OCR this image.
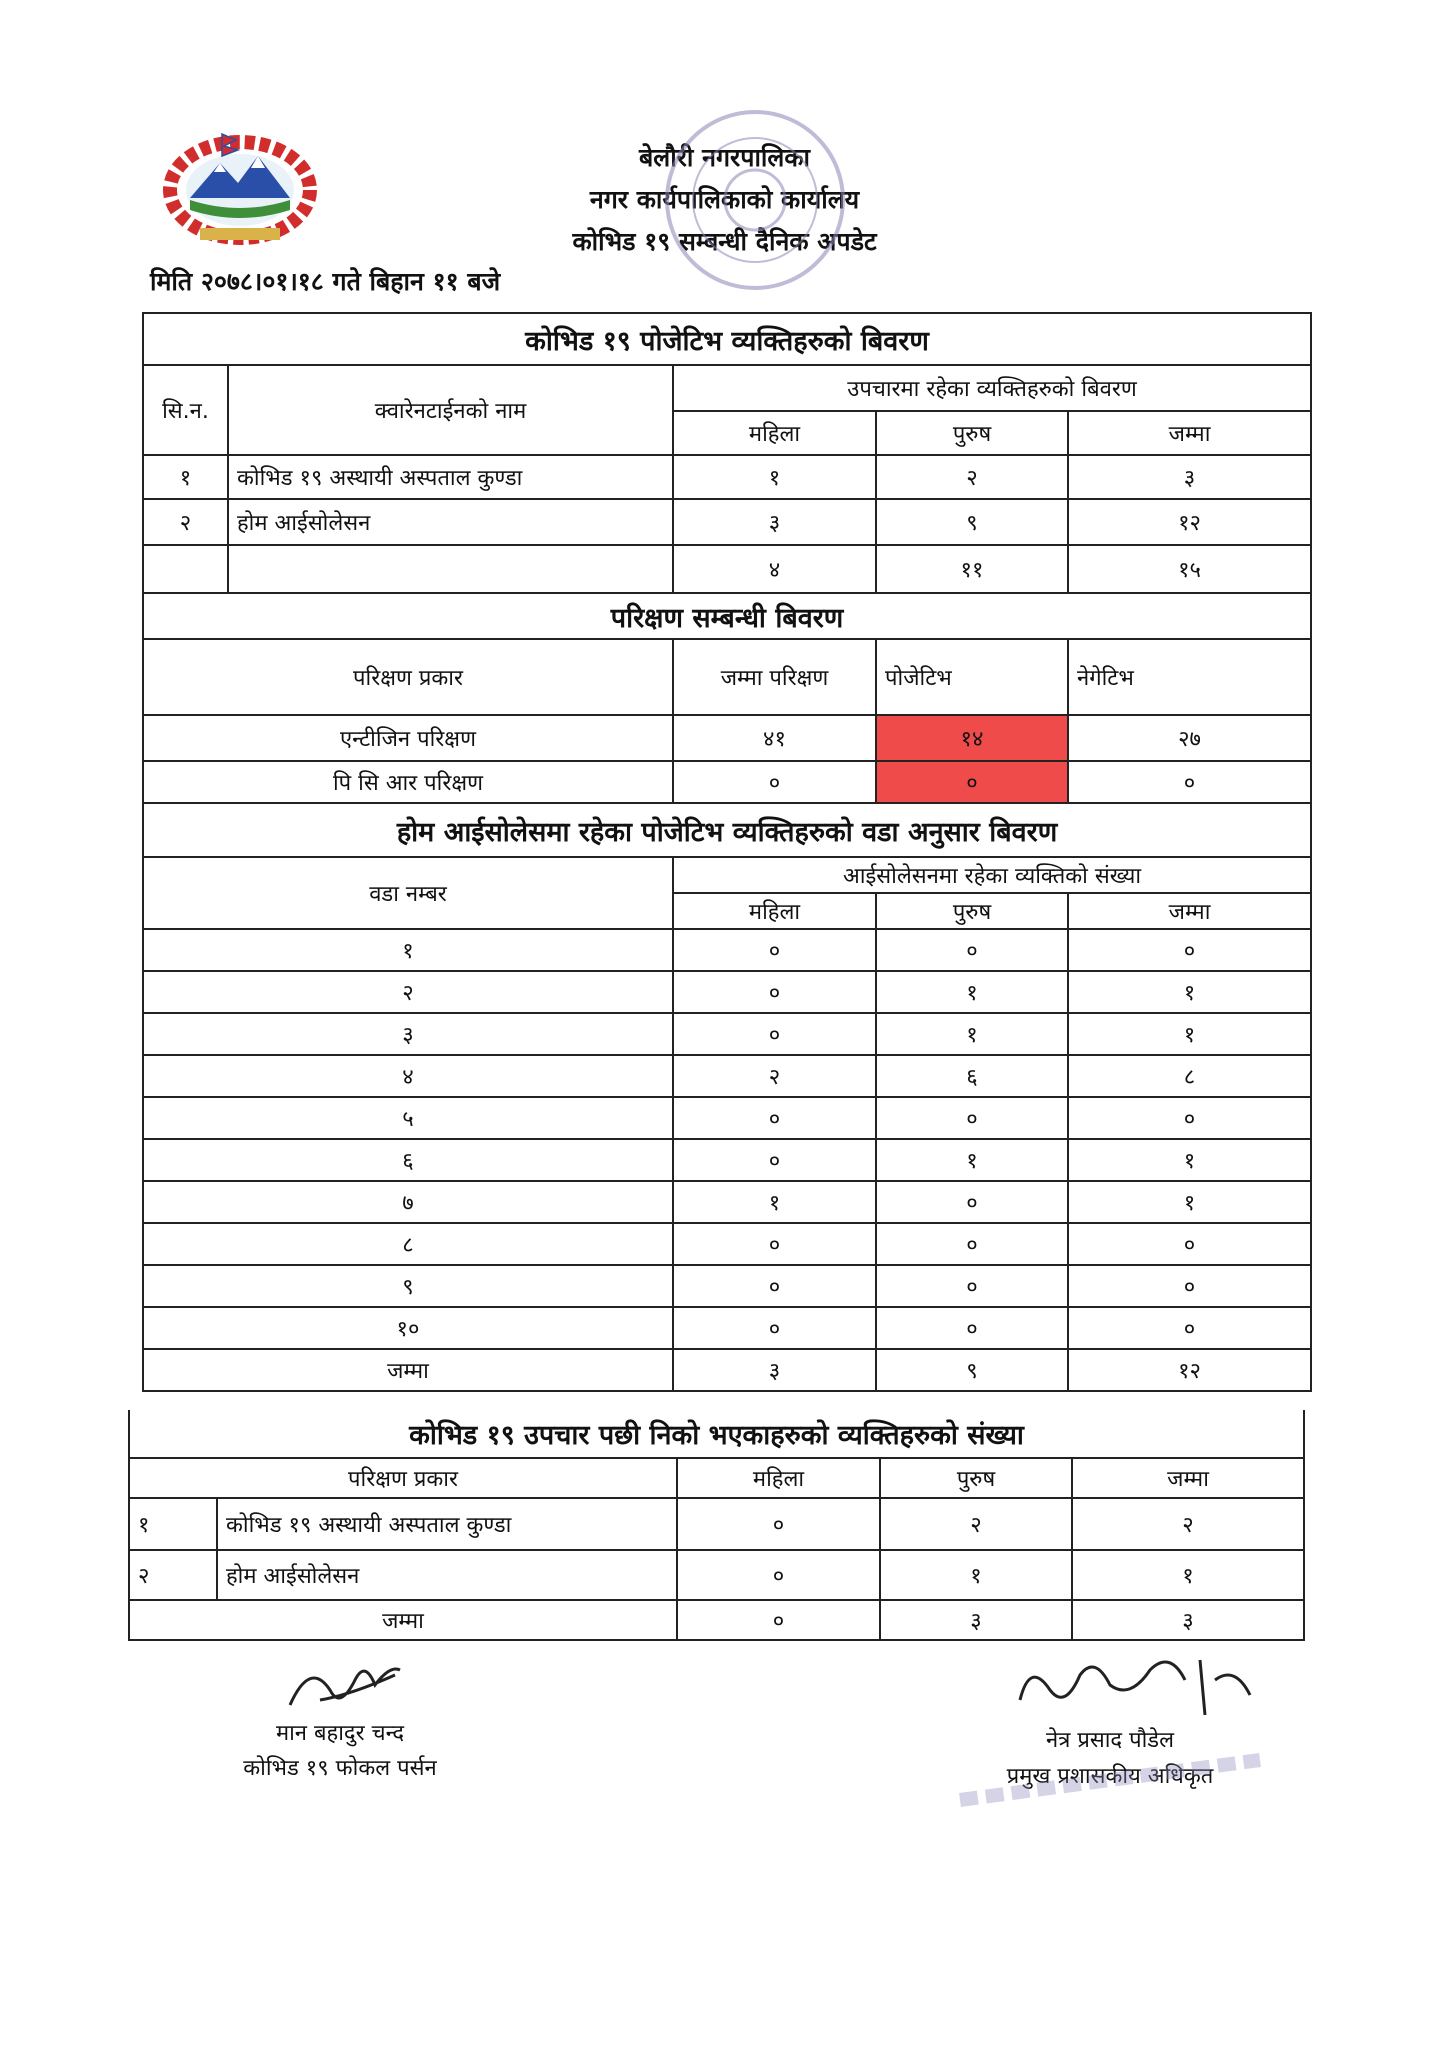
बेलौरी नगरपालिका
नगर कार्यपालिकाको कार्यालय
कोभिड १९ सम्बन्धी दैनिक अपडेट
मिति २०७८।०१।१८ गते बिहान ११ बजे
कोभिड १९ पोजेटिभ व्यक्तिहरुको बिवरण				
सि.न.	क्वारेनटाईनको नाम	उपचारमा रहेका व्यक्तिहरुको बिवरण		
		महिला	पुरुष	जम्मा
१	कोभिड १९ अस्थायी अस्पताल कुण्डा	१	२	३
२	होम आईसोलेसन	३	९	१२
		४	११	१५
परिक्षण सम्बन्धी बिवरण				
परिक्षण प्रकार		जम्मा परिक्षण	पोजेटिभ	नेगेटिभ
एन्टीजिन परिक्षण		४१	१४	२७
पि सि आर परिक्षण		०	०	०
होम आईसोलेसमा रहेका पोजेटिभ व्यक्तिहरुको वडा अनुसार बिवरण				
वडा नम्बर		आईसोलेसनमा रहेका व्यक्तिको संख्या		
		महिला	पुरुष	जम्मा
१		०	०	०
२		०	१	१
३		०	१	१
४		२	६	८
५		०	०	०
६		०	१	१
७		१	०	१
८		०	०	०
९		०	०	०
१०		०	०	०
जम्मा		३	९	१२
कोभिड १९ उपचार पछी निको भएकाहरुको व्यक्तिहरुको संख्या				
परिक्षण प्रकार		महिला	पुरुष	जम्मा
१	कोभिड १९ अस्थायी अस्पताल कुण्डा	०	२	२
२	होम आईसोलेसन	०	१	१
जम्मा		०	३	३
मान बहादुर चन्द
कोभिड १९ फोकल पर्सन
नेत्र प्रसाद पौडेल
प्रमुख प्रशासकीय अधिकृत
